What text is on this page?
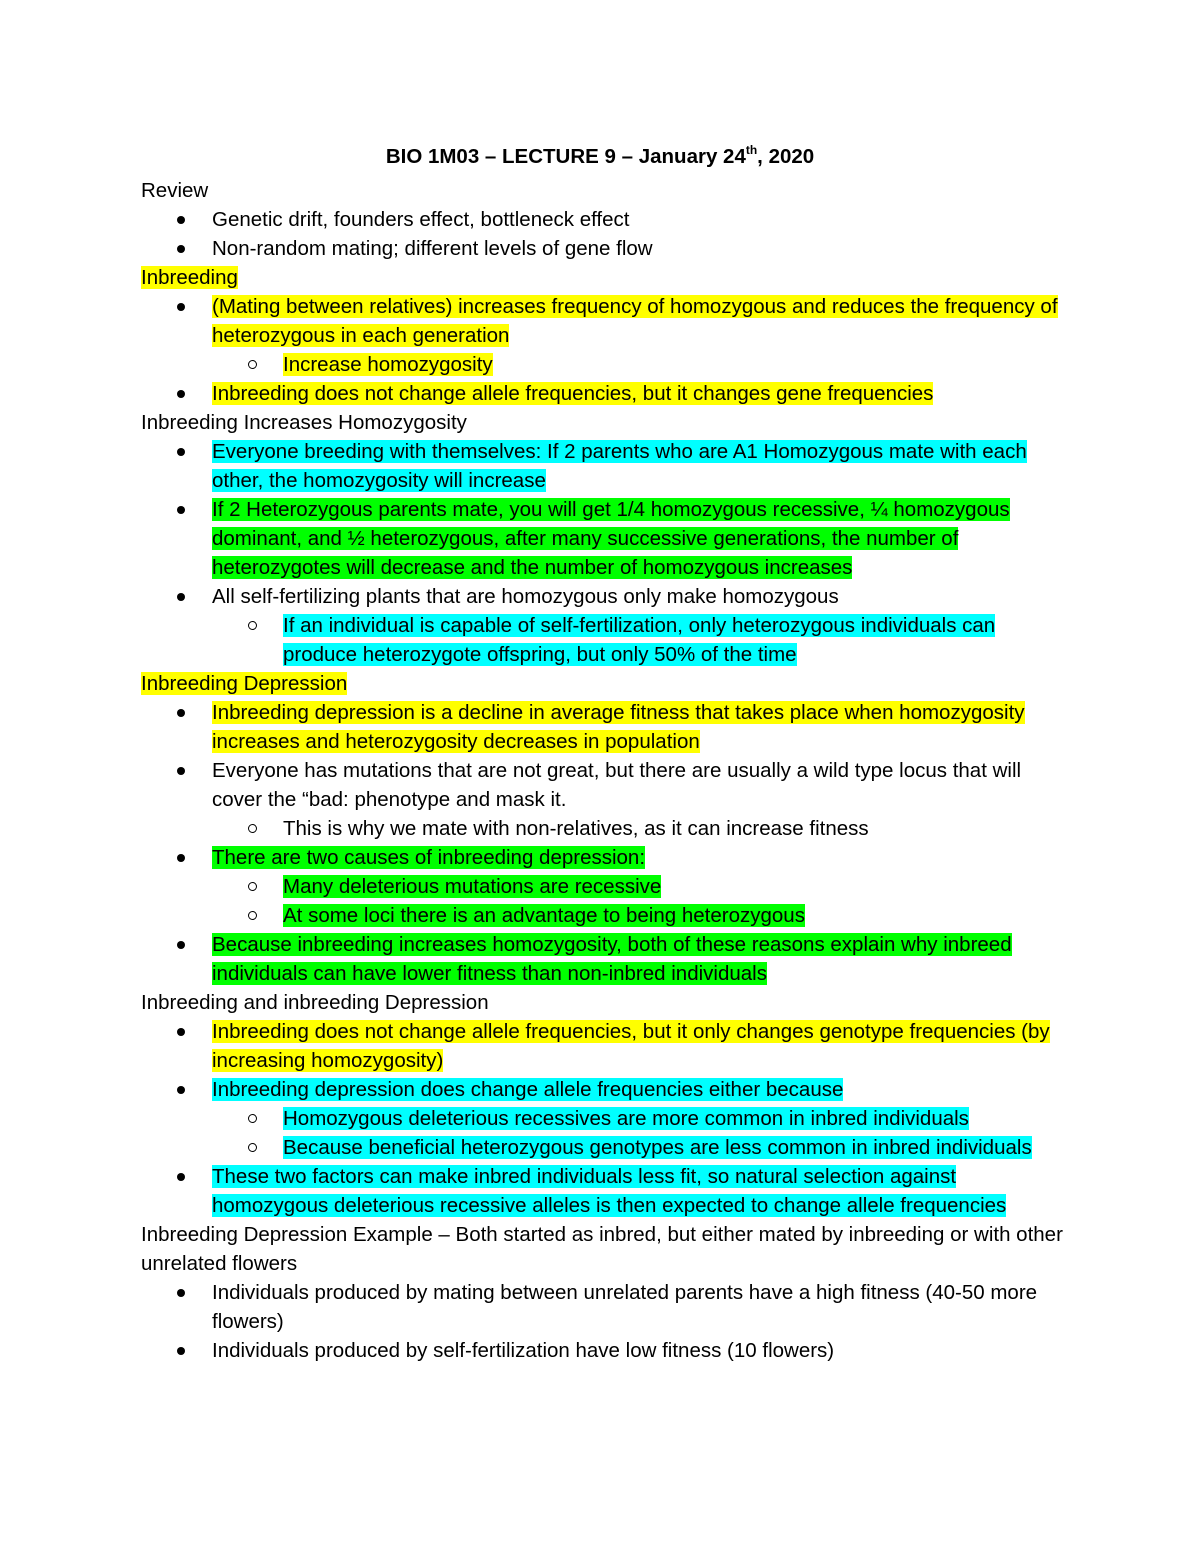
BIO 1M03 – LECTURE 9 – January 24th, 2020
Review
Genetic drift, founders effect, bottleneck effect
Non-random mating; different levels of gene flow
Inbreeding
(Mating between relatives) increases frequency of homozygous and reduces the frequency of heterozygous in each generation
Increase homozygosity
Inbreeding does not change allele frequencies, but it changes gene frequencies
Inbreeding Increases Homozygosity
Everyone breeding with themselves: If 2 parents who are A1 Homozygous mate with each other, the homozygosity will increase
If 2 Heterozygous parents mate, you will get 1/4 homozygous recessive, ¼ homozygous dominant, and ½ heterozygous, after many successive generations, the number of heterozygotes will decrease and the number of homozygous increases
All self-fertilizing plants that are homozygous only make homozygous
If an individual is capable of self-fertilization, only heterozygous individuals can produce heterozygote offspring, but only 50% of the time
Inbreeding Depression
Inbreeding depression is a decline in average fitness that takes place when homozygosity increases and heterozygosity decreases in population
Everyone has mutations that are not great, but there are usually a wild type locus that will cover the “bad: phenotype and mask it.
This is why we mate with non-relatives, as it can increase fitness
There are two causes of inbreeding depression:
Many deleterious mutations are recessive
At some loci there is an advantage to being heterozygous
Because inbreeding increases homozygosity, both of these reasons explain why inbreed individuals can have lower fitness than non-inbred individuals
Inbreeding and inbreeding Depression
Inbreeding does not change allele frequencies, but it only changes genotype frequencies (by increasing homozygosity)
Inbreeding depression does change allele frequencies either because
Homozygous deleterious recessives are more common in inbred individuals
Because beneficial heterozygous genotypes are less common in inbred individuals
These two factors can make inbred individuals less fit, so natural selection against homozygous deleterious recessive alleles is then expected to change allele frequencies
Inbreeding Depression Example – Both started as inbred, but either mated by inbreeding or with other unrelated flowers
Individuals produced by mating between unrelated parents have a high fitness (40-50 more flowers)
Individuals produced by self-fertilization have low fitness (10 flowers)
